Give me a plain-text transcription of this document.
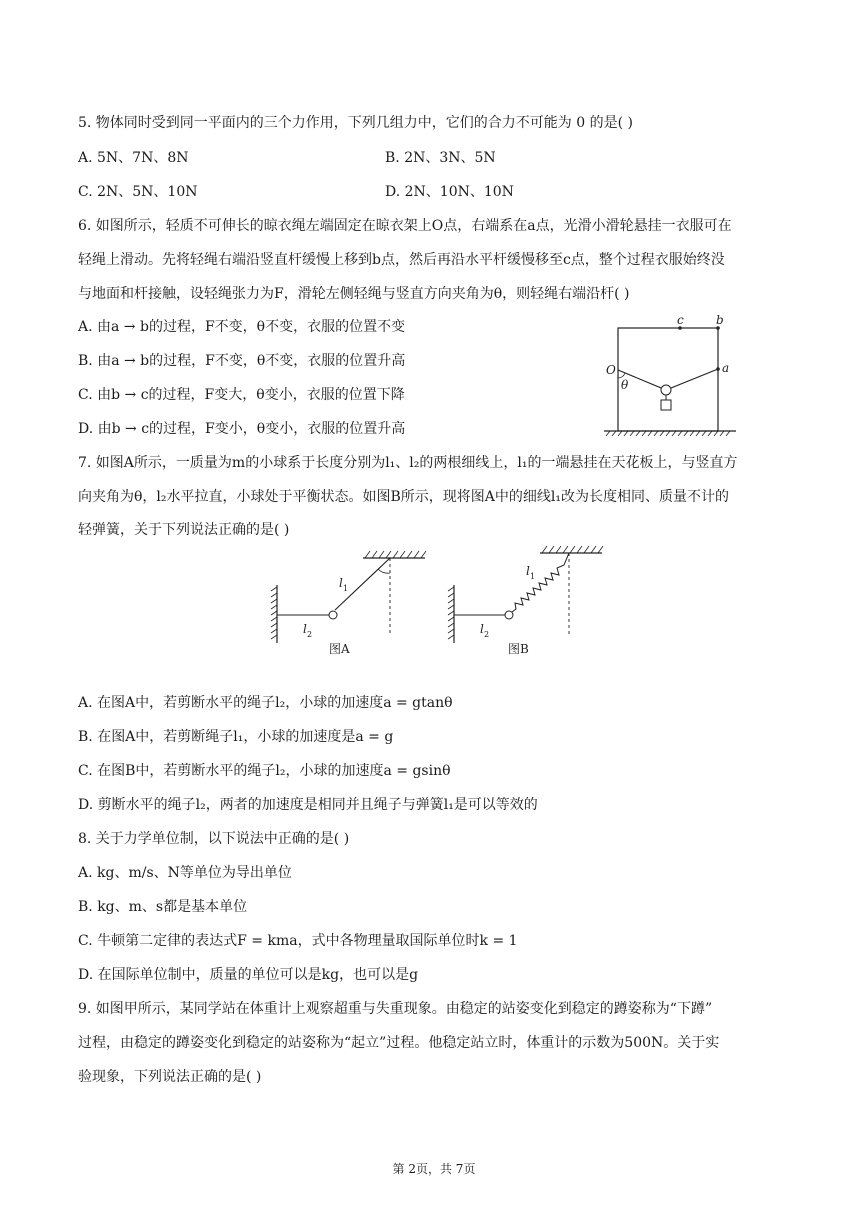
5. 物体同时受到同一平面内的三个力作用，下列几组力中，它们的合力不可能为 0 的是( )
A. 5N、7N、8N	B. 2N、3N、5N
C. 2N、5N、10N	D. 2N、10N、10N
6. 如图所示，轻质不可伸长的晾衣绳左端固定在晾衣架上O点，右端系在a点，光滑小滑轮悬挂一衣服可在
轻绳上滑动。先将轻绳右端沿竖直杆缓慢上移到b点，然后再沿水平杆缓慢移至c点，整个过程衣服始终没
与地面和杆接触，设轻绳张力为F，滑轮左侧轻绳与竖直方向夹角为θ，则轻绳右端沿杆( )
A. 由a → b的过程，F不变，θ不变，衣服的位置不变
B. 由a → b的过程，F不变，θ不变，衣服的位置升高
C. 由b → c的过程，F变大，θ变小，衣服的位置下降
D. 由b → c的过程，F变小，θ变小，衣服的位置升高
c	b
a
O
θ
7. 如图A所示，一质量为m的小球系于长度分别为l₁、l₂的两根细线上，l₁的一端悬挂在天花板上，与竖直方
向夹角为θ，l₂水平拉直，小球处于平衡状态。如图B所示，现将图A中的细线l₁改为长度相同、质量不计的
轻弹簧，关于下列说法正确的是( )
l 1
l 2
图A
l 1
l 2
图B
A. 在图A中，若剪断水平的绳子l₂，小球的加速度a = gtanθ
B. 在图A中，若剪断绳子l₁，小球的加速度是a = g
C. 在图B中，若剪断水平的绳子l₂，小球的加速度a = gsinθ
D. 剪断水平的绳子l₂，两者的加速度是相同并且绳子与弹簧l₁是可以等效的
8. 关于力学单位制，以下说法中正确的是( )
A. kg、m/s、N等单位为导出单位
B. kg、m、s都是基本单位
C. 牛顿第二定律的表达式F = kma，式中各物理量取国际单位时k = 1
D. 在国际单位制中，质量的单位可以是kg，也可以是g
9. 如图甲所示，某同学站在体重计上观察超重与失重现象。由稳定的站姿变化到稳定的蹲姿称为“下蹲”
过程，由稳定的蹲姿变化到稳定的站姿称为“起立”过程。他稳定站立时，体重计的示数为500N。关于实
验现象，下列说法正确的是( )
第 2页，共 7页
